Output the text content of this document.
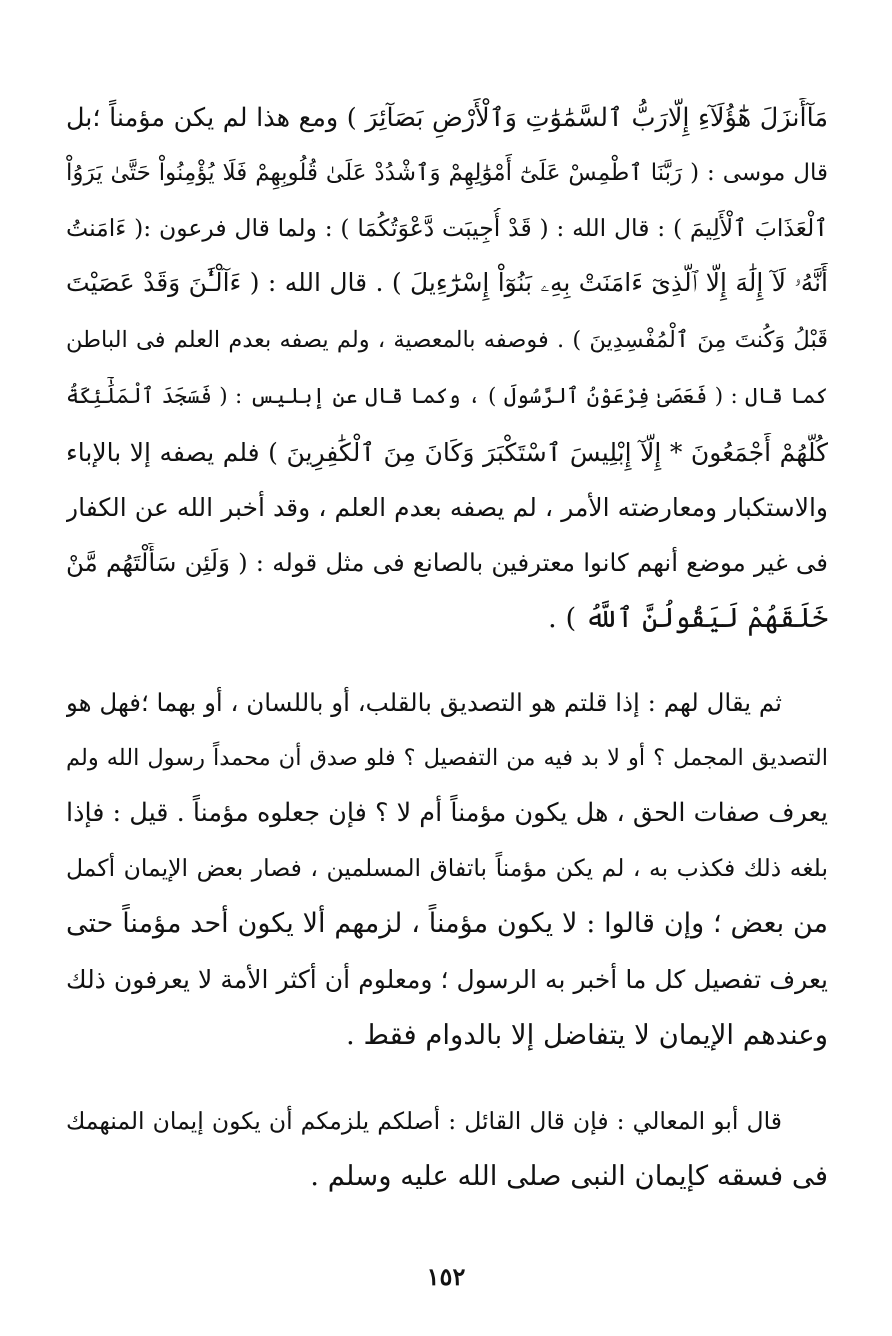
مَآأَنزَلَ هَٰٓؤُلَآءِ إِلَّارَبُّ ٱلسَّمَٰوَٰتِ وَٱلْأَرْضِ بَصَآئِرَ ) ومع هذا لم يكن مؤمناً ؛بل
قال موسى : ( رَبَّنَا ٱطْمِسْ عَلَىٰٓ أَمْوَٰلِهِمْ وَٱشْدُدْ عَلَىٰ قُلُوبِهِمْ فَلَا يُؤْمِنُواْ حَتَّىٰ يَرَوُاْ
ٱلْعَذَابَ ٱلْأَلِيمَ ) : قال الله : ( قَدْ أُجِيبَت دَّعْوَتُكُمَا ) : ولما قال فرعون :( ءَامَنتُ
أَنَّهُۥ لَآ إِلَٰهَ إِلَّا ٱلَّذِىٓ ءَامَنَتْ بِهِۦ بَنُوٓاْ إِسْرَٰٓءِيلَ ) . قال الله : ( ءَآلْـَٰٔنَ وَقَدْ عَصَيْتَ
قَبْلُ وَكُنتَ مِنَ ٱلْمُفْسِدِينَ ) . فوصفه بالمعصية ، ولم يصفه بعدم العلم فى الباطن
كما قال : ( فَعَصَىٰ فِرْعَوْنُ ٱلرَّسُولَ ) ، وكما قال عن إبليس : ( فَسَجَدَ ٱلْمَلَٰٓئِكَةُ
كُلُّهُمْ أَجْمَعُونَ * إِلَّآ إِبْلِيسَ ٱسْتَكْبَرَ وَكَانَ مِنَ ٱلْكَٰفِرِينَ ) فلم يصفه إلا بالإباء
والاستكبار ومعارضته الأمر ، لم يصفه بعدم العلم ، وقد أخبر الله عن الكفار
فى غير موضع أنهم كانوا معترفين بالصانع فى مثل قوله : ( وَلَئِن سَأَلْتَهُم مَّنْ
خَلَقَهُمْ لَيَقُولُنَّ ٱللَّهُ ) .
ثم يقال لهم : إذا قلتم هو التصديق بالقلب، أو باللسان ، أو بهما ؛فهل هو
التصديق المجمل ؟ أو لا بد فيه من التفصيل ؟ فلو صدق أن محمداً رسول الله ولم
يعرف صفات الحق ، هل يكون مؤمناً أم لا ؟ فإن جعلوه مؤمناً . قيل : فإذا
بلغه ذلك فكذب به ، لم يكن مؤمناً باتفاق المسلمين ، فصار بعض الإيمان أكمل
من بعض ؛ وإن قالوا : لا يكون مؤمناً ، لزمهم ألا يكون أحد مؤمناً حتى
يعرف تفصيل كل ما أخبر به الرسول ؛ ومعلوم أن أكثر الأمة لا يعرفون ذلك
وعندهم الإيمان لا يتفاضل إلا بالدوام فقط .
قال أبو المعالي : فإن قال القائل : أصلكم يلزمكم أن يكون إيمان المنهمك
فى فسقه كإيمان النبى صلى الله عليه وسلم .
١٥٢
